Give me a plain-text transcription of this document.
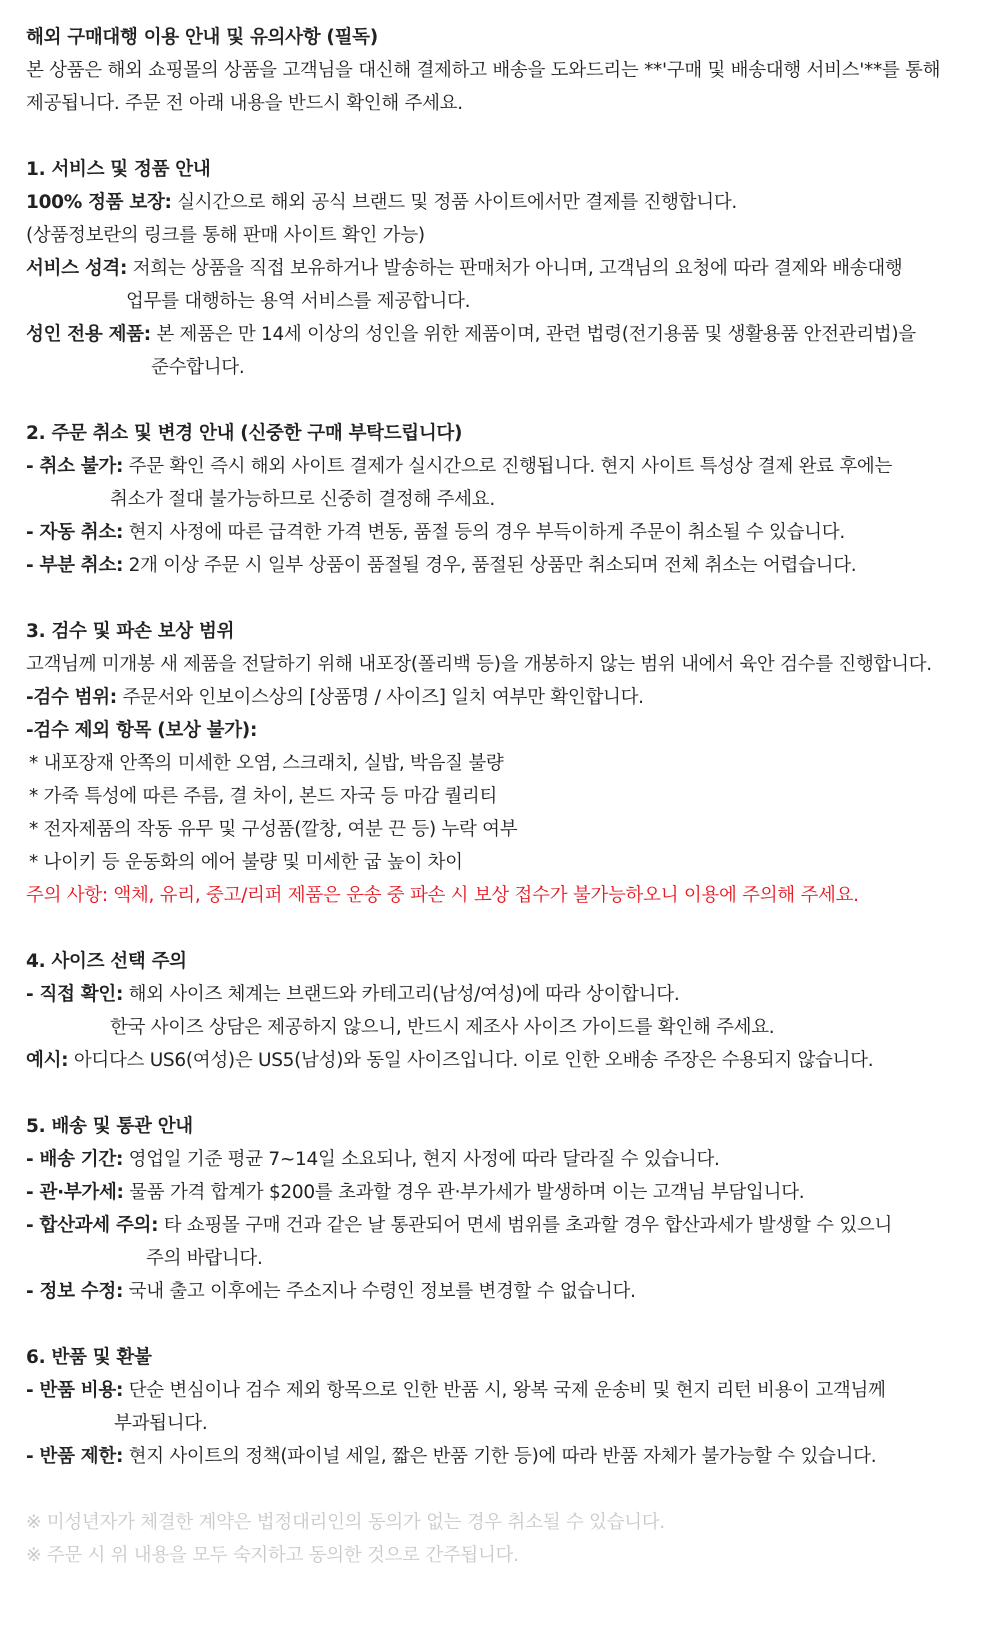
해외 구매대행 이용 안내 및 유의사항 (필독)
본 상품은 해외 쇼핑몰의 상품을 고객님을 대신해 결제하고 배송을 도와드리는 **'구매 및 배송대행 서비스'**를 통해
제공됩니다. 주문 전 아래 내용을 반드시 확인해 주세요.
1. 서비스 및 정품 안내
100% 정품 보장: 실시간으로 해외 공식 브랜드 및 정품 사이트에서만 결제를 진행합니다.
(상품정보란의 링크를 통해 판매 사이트 확인 가능)
서비스 성격: 저희는 상품을 직접 보유하거나 발송하는 판매처가 아니며, 고객님의 요청에 따라 결제와 배송대행
업무를 대행하는 용역 서비스를 제공합니다.
성인 전용 제품: 본 제품은 만 14세 이상의 성인을 위한 제품이며, 관련 법령(전기용품 및 생활용품 안전관리법)을
준수합니다.
2. 주문 취소 및 변경 안내 (신중한 구매 부탁드립니다)
- 취소 불가: 주문 확인 즉시 해외 사이트 결제가 실시간으로 진행됩니다. 현지 사이트 특성상 결제 완료 후에는
취소가 절대 불가능하므로 신중히 결정해 주세요.
- 자동 취소: 현지 사정에 따른 급격한 가격 변동, 품절 등의 경우 부득이하게 주문이 취소될 수 있습니다.
- 부분 취소: 2개 이상 주문 시 일부 상품이 품절될 경우, 품절된 상품만 취소되며 전체 취소는 어렵습니다.
3. 검수 및 파손 보상 범위
고객님께 미개봉 새 제품을 전달하기 위해 내포장(폴리백 등)을 개봉하지 않는 범위 내에서 육안 검수를 진행합니다.
-검수 범위: 주문서와 인보이스상의 [상품명 / 사이즈] 일치 여부만 확인합니다.
-검수 제외 항목 (보상 불가):
* 내포장재 안쪽의 미세한 오염, 스크래치, 실밥, 박음질 불량
* 가죽 특성에 따른 주름, 결 차이, 본드 자국 등 마감 퀄리티
* 전자제품의 작동 유무 및 구성품(깔창, 여분 끈 등) 누락 여부
* 나이키 등 운동화의 에어 불량 및 미세한 굽 높이 차이
주의 사항: 액체, 유리, 중고/리퍼 제품은 운송 중 파손 시 보상 접수가 불가능하오니 이용에 주의해 주세요.
4. 사이즈 선택 주의
- 직접 확인: 해외 사이즈 체계는 브랜드와 카테고리(남성/여성)에 따라 상이합니다.
한국 사이즈 상담은 제공하지 않으니, 반드시 제조사 사이즈 가이드를 확인해 주세요.
예시: 아디다스 US6(여성)은 US5(남성)와 동일 사이즈입니다. 이로 인한 오배송 주장은 수용되지 않습니다.
5. 배송 및 통관 안내
- 배송 기간: 영업일 기준 평균 7~14일 소요되나, 현지 사정에 따라 달라질 수 있습니다.
- 관·부가세: 물품 가격 합계가 $200를 초과할 경우 관·부가세가 발생하며 이는 고객님 부담입니다.
- 합산과세 주의: 타 쇼핑몰 구매 건과 같은 날 통관되어 면세 범위를 초과할 경우 합산과세가 발생할 수 있으니
주의 바랍니다.
- 정보 수정: 국내 출고 이후에는 주소지나 수령인 정보를 변경할 수 없습니다.
6. 반품 및 환불
- 반품 비용: 단순 변심이나 검수 제외 항목으로 인한 반품 시, 왕복 국제 운송비 및 현지 리턴 비용이 고객님께
부과됩니다.
- 반품 제한: 현지 사이트의 정책(파이널 세일, 짧은 반품 기한 등)에 따라 반품 자체가 불가능할 수 있습니다.
※ 미성년자가 체결한 계약은 법정대리인의 동의가 없는 경우 취소될 수 있습니다.
※ 주문 시 위 내용을 모두 숙지하고 동의한 것으로 간주됩니다.
